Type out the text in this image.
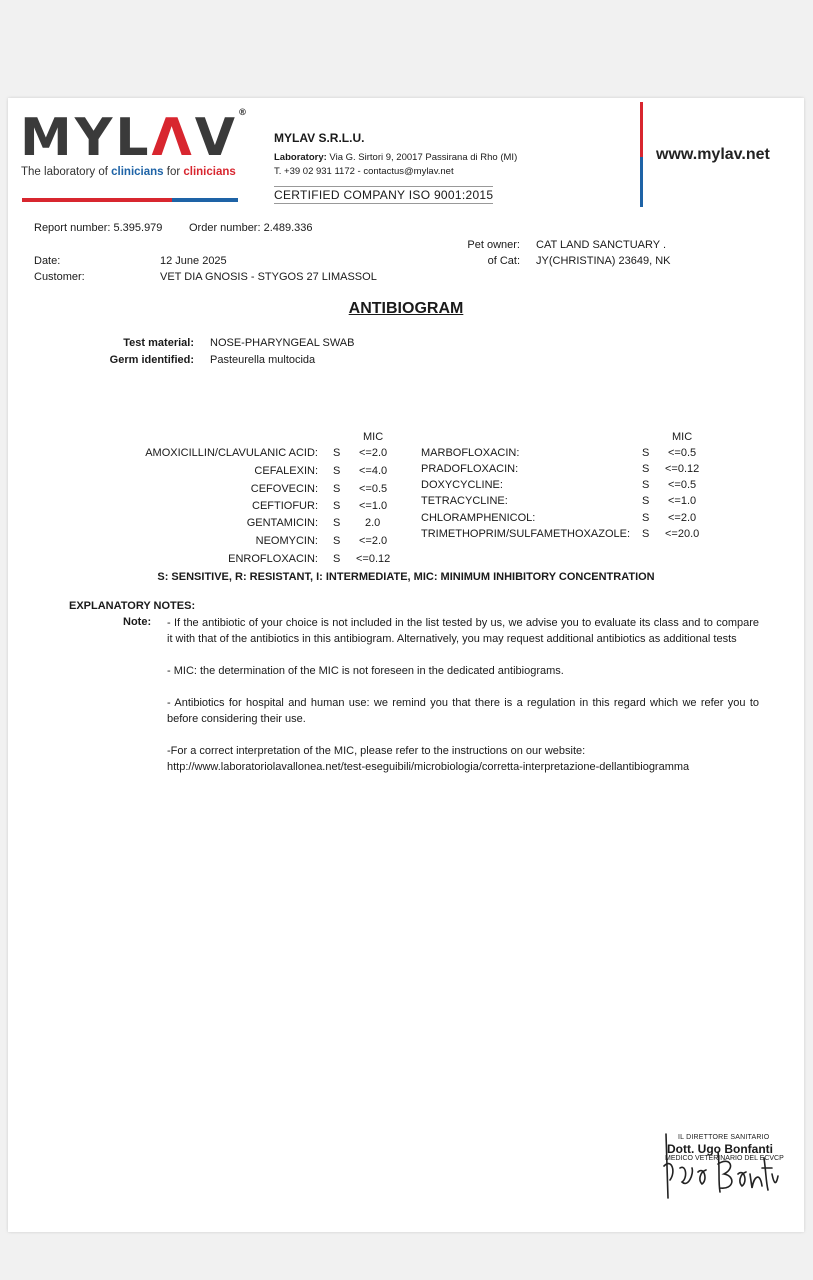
MYLΛV®
The laboratory of clinicians for clinicians
MYLAV S.R.L.U.
Laboratory: Via G. Sirtori 9, 20017 Passirana di Rho (MI)
T. +39 02 931 1172 - contactus@mylav.net
CERTIFIED COMPANY ISO 9001:2015
www.mylav.net
Report number: 5.395.979 Order number: 2.489.336
Date:	12 June 2025
Customer:	VET DIA GNOSIS - STYGOS 27 LIMASSOL
Pet owner: CAT LAND SANCTUARY .
of Cat: JY(CHRISTINA) 23649, NK
ANTIBIOGRAM
Test material: NOSE-PHARYNGEAL SWAB
Germ identified: Pasteurella multocida
MIC	MIC
AMOXICILLIN/CLAVULANIC ACID: S <=2.0
CEFALEXIN: S <=4.0
CEFOVECIN: S <=0.5
CEFTIOFUR: S <=1.0
GENTAMICIN: S 2.0
NEOMYCIN: S <=2.0
ENROFLOXACIN: S <=0.12
MARBOFLOXACIN:	S <=0.5
PRADOFLOXACIN:	S <=0.12
DOXYCYCLINE:	S <=0.5
TETRACYCLINE:	S <=1.0
CHLORAMPHENICOL:	S <=2.0
TRIMETHOPRIM/SULFAMETHOXAZOLE: S <=20.0
S: SENSITIVE, R: RESISTANT, I: INTERMEDIATE, MIC: MINIMUM INHIBITORY CONCENTRATION
EXPLANATORY NOTES:
Note: - If the antibiotic of your choice is not included in the list tested by us, we advise you to evaluate its class and to compare it with that of the antibiotics in this antibiogram. Alternatively, you may request additional antibiotics as additional tests
- MIC: the determination of the MIC is not foreseen in the dedicated antibiograms.
- Antibiotics for hospital and human use: we remind you that there is a regulation in this regard which we refer you to before considering their use.
-For a correct interpretation of the MIC, please refer to the instructions on our website:
http://www.laboratoriolavallonea.net/test-eseguibili/microbiologia/corretta-interpretazione-dellantibiogramma
IL DIRETTORE SANITARIO
Dott. Ugo Bonfanti
MEDICO VETERINARIO DEL ECVCP
